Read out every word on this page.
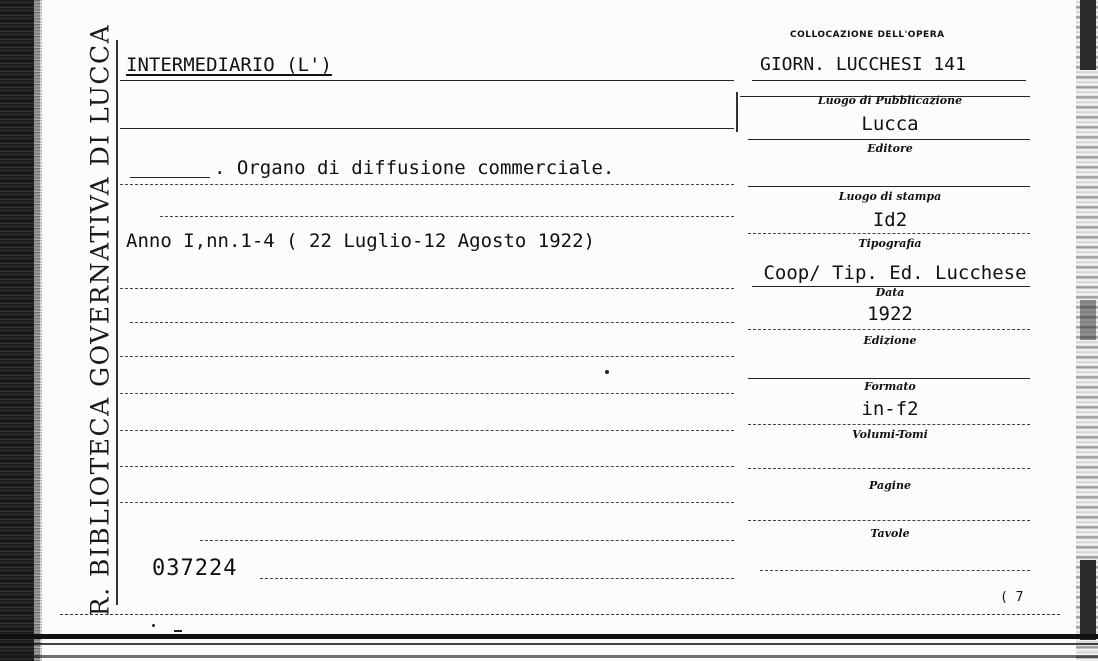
R. BIBLIOTECA GOVERNATIVA DI LUCCA	COLLOCAZIONE DELL'OPERA
GIORN. LUCCHESI 141
INTERMEDIARIO (L')
. Organo di diffusione commerciale.
Anno I,nn.1-4 ( 22 Luglio-12 Agosto 1922)
037224
Luogo di Pubblicazione
Lucca
Editore
Luogo di stampa
Id2
Tipografia
Coop/ Tip. Ed. Lucchese
Data
1922
Edizione
Formato
in-f2
Volumi-Tomi
Pagine
Tavole
( 7
